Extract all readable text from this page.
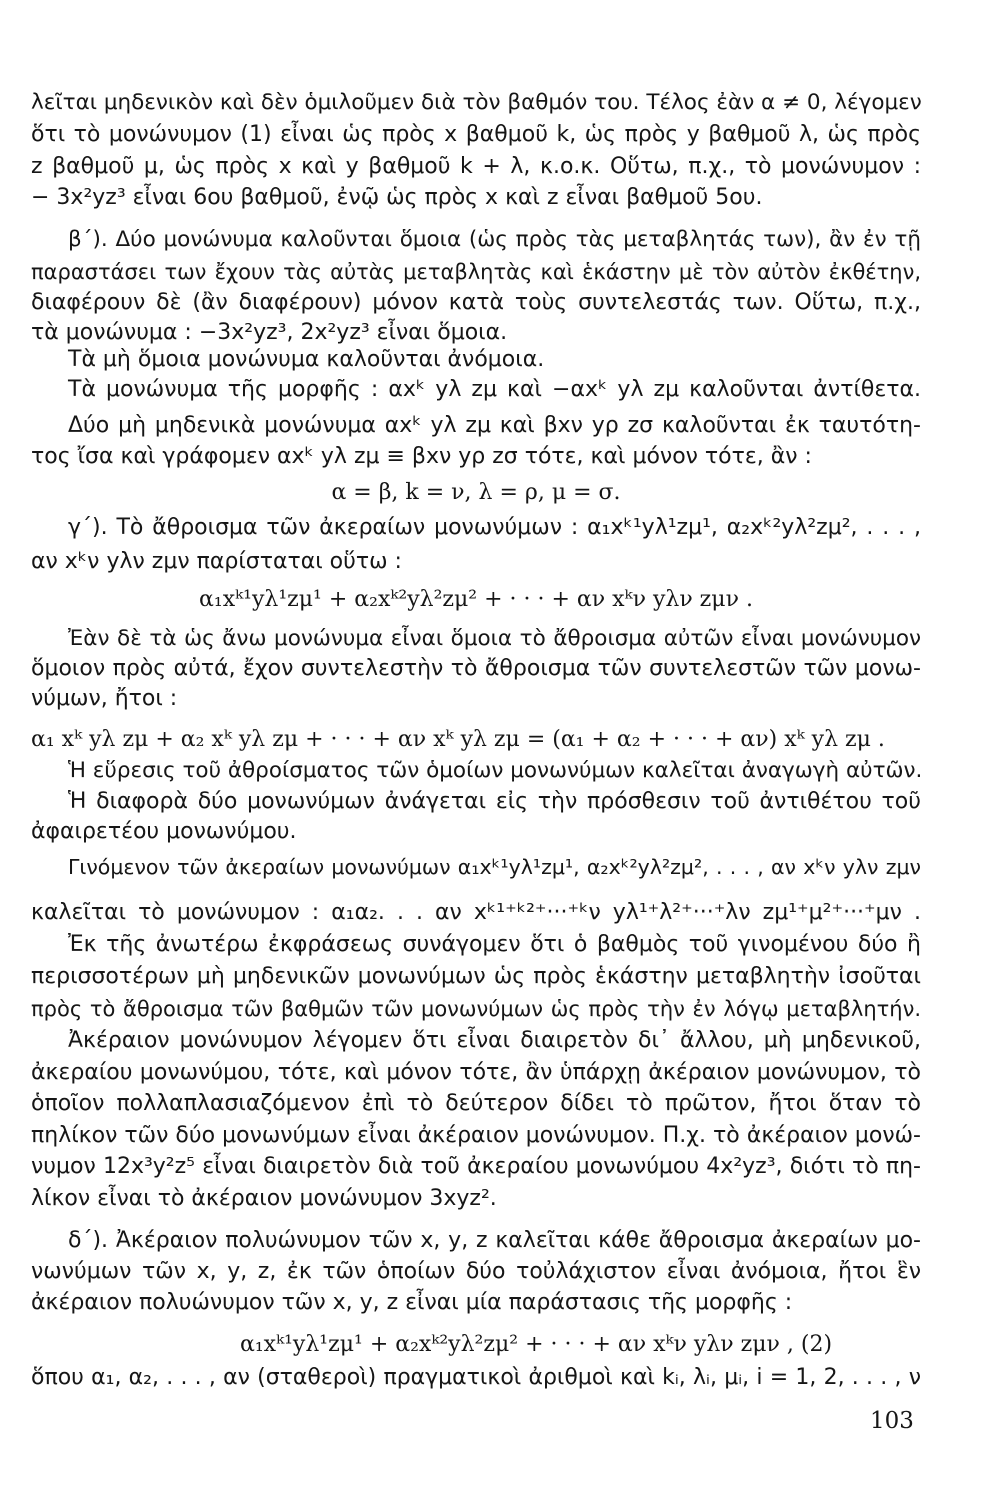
λεῖται μηδενικὸν καὶ δὲν ὁμιλοῦμεν διὰ τὸν βαθμόν του. Τέλος ἐὰν α ≠ 0, λέγομεν
ὅτι τὸ μονώνυμον (1) εἶναι ὡς πρὸς x βαθμοῦ k, ὡς πρὸς y βαθμοῦ λ, ὡς πρὸς
z βαθμοῦ μ, ὡς πρὸς x καὶ y βαθμοῦ k + λ, κ.ο.κ. Οὕτω, π.χ., τὸ μονώνυμον :
− 3x²yz³ εἶναι 6ου βαθμοῦ, ἐνῷ ὡς πρὸς x καὶ z εἶναι βαθμοῦ 5ου.
β΄). Δύο μονώνυμα καλοῦνται ὅμοια (ὡς πρὸς τὰς μεταβλητάς των), ἂν ἐν τῇ
παραστάσει των ἔχουν τὰς αὐτὰς μεταβλητὰς καὶ ἑκάστην μὲ τὸν αὐτὸν ἐκθέτην,
διαφέρουν δὲ (ἂν διαφέρουν) μόνον κατὰ τοὺς συντελεστάς των. Οὕτω, π.χ.,
τὰ μονώνυμα : −3x²yz³, 2x²yz³ εἶναι ὅμοια.
Τὰ μὴ ὅμοια μονώνυμα καλοῦνται ἀνόμοια.
Τὰ μονώνυμα τῆς μορφῆς : αxᵏ yλ zμ καὶ −αxᵏ yλ zμ καλοῦνται ἀντίθετα.
Δύο μὴ μηδενικὰ μονώνυμα αxᵏ yλ zμ καὶ βxν yρ zσ καλοῦνται ἐκ ταυτότη-
τος ἴσα καὶ γράφομεν αxᵏ yλ zμ ≡ βxν yρ zσ τότε, καὶ μόνον τότε, ἂν :
α = β, k = ν, λ = ρ, μ = σ.
γ΄). Τὸ ἄθροισμα τῶν ἀκεραίων μονωνύμων : α₁xᵏ¹yλ¹zμ¹, α₂xᵏ²yλ²zμ², . . . ,
αν xᵏν yλν zμν παρίσταται οὕτω :
α₁xᵏ¹yλ¹zμ¹ + α₂xᵏ²yλ²zμ² + · · · + αν xᵏν yλν zμν .
Ἐὰν δὲ τὰ ὡς ἄνω μονώνυμα εἶναι ὅμοια τὸ ἄθροισμα αὐτῶν εἶναι μονώνυμον
ὅμοιον πρὸς αὐτά, ἔχον συντελεστὴν τὸ ἄθροισμα τῶν συντελεστῶν τῶν μονω-
νύμων, ἤτοι :
α₁ xᵏ yλ zμ + α₂ xᵏ yλ zμ + · · · + αν xᵏ yλ zμ = (α₁ + α₂ + · · · + αν) xᵏ yλ zμ .
Ἡ εὕρεσις τοῦ ἀθροίσματος τῶν ὁμοίων μονωνύμων καλεῖται ἀναγωγὴ αὐτῶν.
Ἡ διαφορὰ δύο μονωνύμων ἀνάγεται εἰς τὴν πρόσθεσιν τοῦ ἀντιθέτου τοῦ
ἀφαιρετέου μονωνύμου.
Γινόμενον τῶν ἀκεραίων μονωνύμων α₁xᵏ¹yλ¹zμ¹, α₂xᵏ²yλ²zμ², . . . , αν xᵏν yλν zμν
καλεῖται τὸ μονώνυμον : α₁α₂. . . αν xᵏ¹⁺ᵏ²⁺···⁺ᵏν yλ¹⁺λ²⁺···⁺λν zμ¹⁺μ²⁺···⁺μν .
Ἐκ τῆς ἀνωτέρω ἐκφράσεως συνάγομεν ὅτι ὁ βαθμὸς τοῦ γινομένου δύο ἢ
περισσοτέρων μὴ μηδενικῶν μονωνύμων ὡς πρὸς ἑκάστην μεταβλητὴν ἰσοῦται
πρὸς τὸ ἄθροισμα τῶν βαθμῶν τῶν μονωνύμων ὡς πρὸς τὴν ἐν λόγῳ μεταβλητήν.
Ἀκέραιον μονώνυμον λέγομεν ὅτι εἶναι διαιρετὸν δι᾿ ἄλλου, μὴ μηδενικοῦ,
ἀκεραίου μονωνύμου, τότε, καὶ μόνον τότε, ἂν ὑπάρχῃ ἀκέραιον μονώνυμον, τὸ
ὁποῖον πολλαπλασιαζόμενον ἐπὶ τὸ δεύτερον δίδει τὸ πρῶτον, ἤτοι ὅταν τὸ
πηλίκον τῶν δύο μονωνύμων εἶναι ἀκέραιον μονώνυμον. Π.χ. τὸ ἀκέραιον μονώ-
νυμον 12x³y²z⁵ εἶναι διαιρετὸν διὰ τοῦ ἀκεραίου μονωνύμου 4x²yz³, διότι τὸ πη-
λίκον εἶναι τὸ ἀκέραιον μονώνυμον 3xyz².
δ΄). Ἀκέραιον πολυώνυμον τῶν x, y, z καλεῖται κάθε ἄθροισμα ἀκεραίων μο-
νωνύμων τῶν x, y, z, ἐκ τῶν ὁποίων δύο τοὐλάχιστον εἶναι ἀνόμοια, ἤτοι ἓν
ἀκέραιον πολυώνυμον τῶν x, y, z εἶναι μία παράστασις τῆς μορφῆς :
α₁xᵏ¹yλ¹zμ¹ + α₂xᵏ²yλ²zμ² + · · · + αν xᵏν yλν zμν , (2)
ὅπου α₁, α₂, . . . , αν (σταθεροὶ) πραγματικοὶ ἀριθμοὶ καὶ kᵢ, λᵢ, μᵢ, i = 1, 2, . . . , ν
103
